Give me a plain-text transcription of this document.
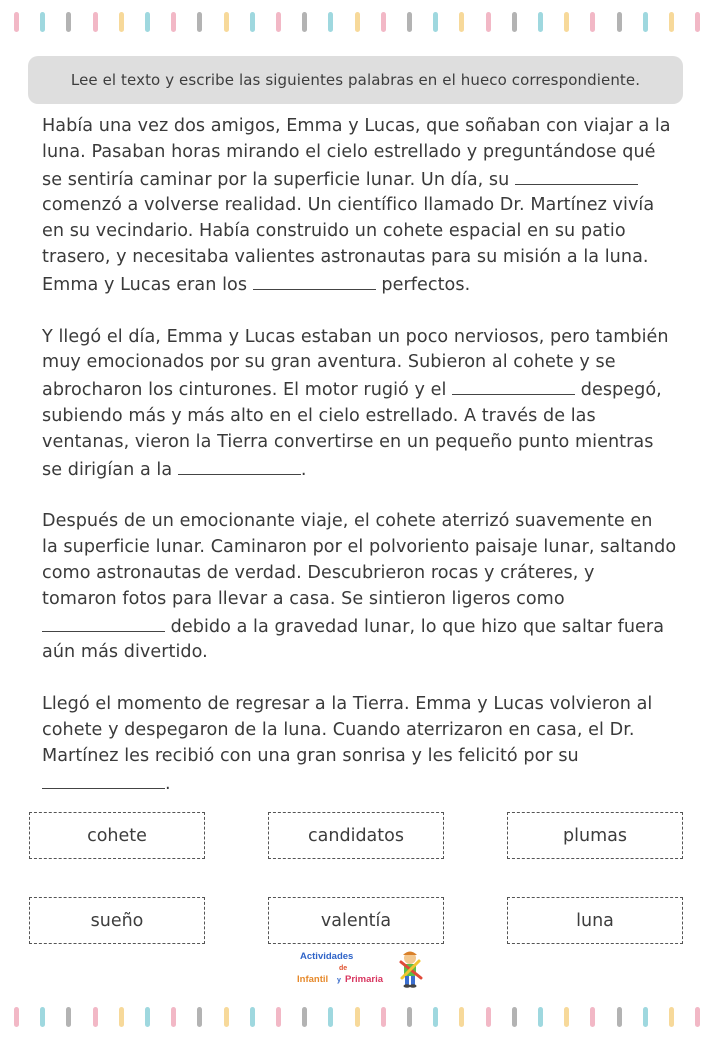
Lee el texto y escribe las siguientes palabras en el hueco correspondiente.

Había una vez dos amigos, Emma y Lucas, que soñaban con viajar a la
luna. Pasaban horas mirando el cielo estrellado y preguntándose qué
se sentiría caminar por la superficie lunar. Un día, su
comenzó a volverse realidad. Un científico llamado Dr. Martínez vivía
en su vecindario. Había construido un cohete espacial en su patio
trasero, y necesitaba valientes astronautas para su misión a la luna.
Emma y Lucas eran los	perfectos.

Y llegó el día, Emma y Lucas estaban un poco nerviosos, pero también
muy emocionados por su gran aventura. Subieron al cohete y se
abrocharon los cinturones. El motor rugió y el	despegó,
subiendo más y más alto en el cielo estrellado. A través de las
ventanas, vieron la Tierra convertirse en un pequeño punto mientras
se dirigían a la	.

Después de un emocionante viaje, el cohete aterrizó suavemente en
la superficie lunar. Caminaron por el polvoriento paisaje lunar, saltando
como astronautas de verdad. Descubrieron rocas y cráteres, y
tomaron fotos para llevar a casa. Se sintieron ligeros como
debido a la gravedad lunar, lo que hizo que saltar fuera
aún más divertido.

Llegó el momento de regresar a la Tierra. Emma y Lucas volvieron al
cohete y despegaron de la luna. Cuando aterrizaron en casa, el Dr.
Martínez les recibió con una gran sonrisa y les felicitó por su
.

cohete	candidatos	plumas
sueño	valentía	luna
Actividades
de
Infantil y Primaria
